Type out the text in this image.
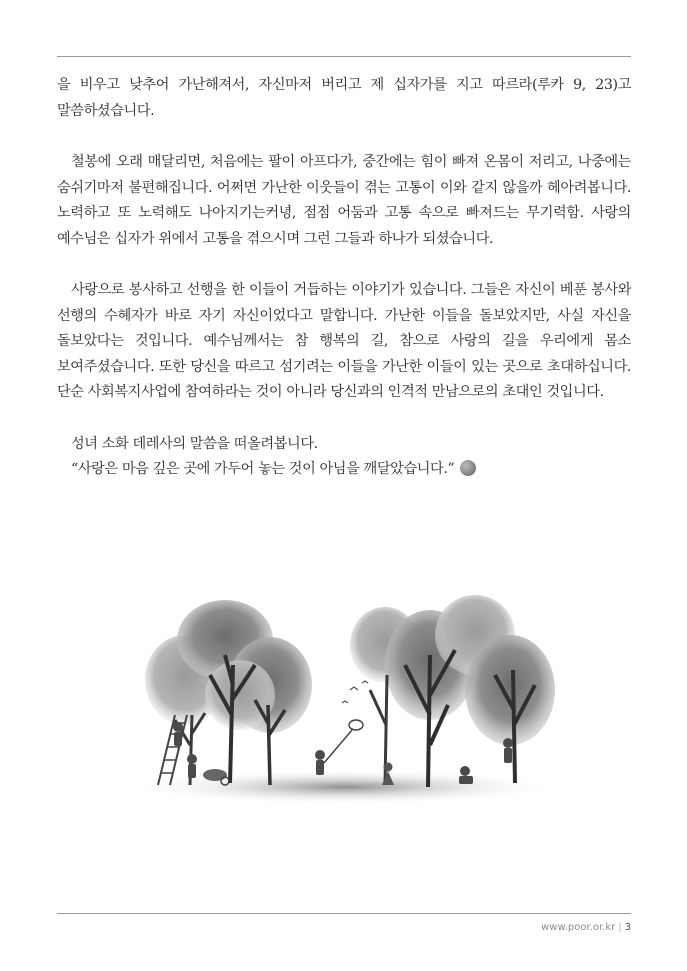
을 비우고 낮추어 가난해져서, 자신마저 버리고 제 십자가를 지고 따르라(루카 9, 23)고 말씀하셨습니다.

철봉에 오래 매달리면, 처음에는 팔이 아프다가, 중간에는 힘이 빠져 온몸이 저리고, 나중에는 숨쉬기마저 불편해집니다. 어쩌면 가난한 이웃들이 겪는 고통이 이와 같지 않을까 헤아려봅니다. 노력하고 또 노력해도 나아지기는커녕, 점점 어둠과 고통 속으로 빠져드는 무기력함. 사랑의 예수님은 십자가 위에서 고통을 겪으시며 그런 그들과 하나가 되셨습니다.

사랑으로 봉사하고 선행을 한 이들이 거듭하는 이야기가 있습니다. 그들은 자신이 베푼 봉사와 선행의 수혜자가 바로 자기 자신이었다고 말합니다. 가난한 이들을 돌보았지만, 사실 자신을 돌보았다는 것입니다. 예수님께서는 참 행복의 길, 참으로 사랑의 길을 우리에게 몸소 보여주셨습니다. 또한 당신을 따르고 섬기려는 이들을 가난한 이들이 있는 곳으로 초대하십니다. 단순 사회복지사업에 참여하라는 것이 아니라 당신과의 인격적 만남으로의 초대인 것입니다.

성녀 소화 데레사의 말씀을 떠올려봅니다.

“사랑은 마음 깊은 곳에 가두어 놓는 것이 아님을 깨달았습니다.”

www.poor.or.kr | 3
